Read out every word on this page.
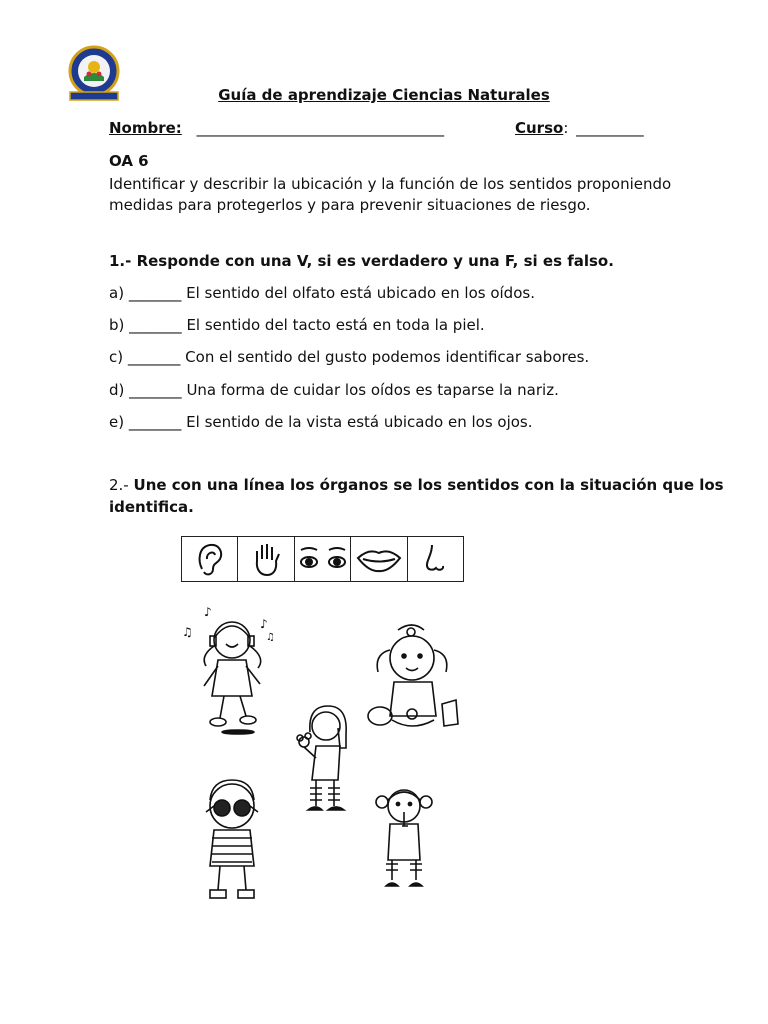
Guía de aprendizaje Ciencias Naturales
Nombre: _________________________________	Curso: _________
OA 6
Identificar y describir la ubicación y la función de los sentidos proponiendo
medidas para protegerlos y para prevenir situaciones de riesgo.
1.- Responde con una V, si es verdadero y una F, si es falso.
a) _______ El sentido del olfato está ubicado en los oídos.
b) _______ El sentido del tacto está en toda la piel.
c) _______ Con el sentido del gusto podemos identificar sabores.
d) _______ Una forma de cuidar los oídos es taparse la nariz.
e) _______ El sentido de la vista está ubicado en los ojos.
2.- Une con una línea los órganos se los sentidos con la situación que los
identifica.
♪
♫
♪
♫
